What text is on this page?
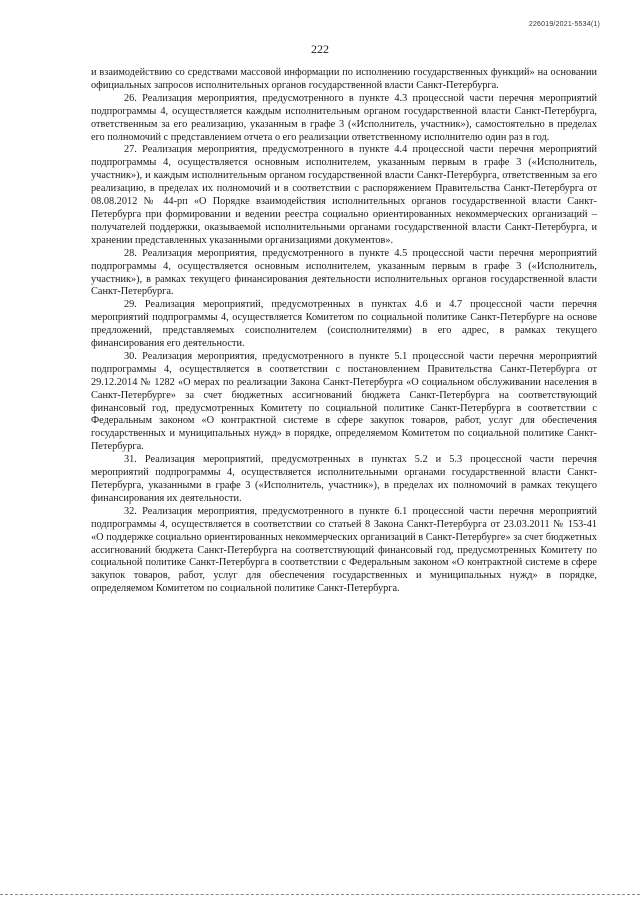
226019/2021-5534(1)
222

и взаимодействию со средствами массовой информации по исполнению государственных функций» на основании официальных запросов исполнительных органов государственной власти Санкт-Петербурга.

26. Реализация мероприятия, предусмотренного в пункте 4.3 процессной части перечня мероприятий подпрограммы 4, осуществляется каждым исполнительным органом государственной власти Санкт-Петербурга, ответственным за его реализацию, указанным в графе 3 («Исполнитель, участник»), самостоятельно в пределах его полномочий с представлением отчета о его реализации ответственному исполнителю один раз в год.

27. Реализация мероприятия, предусмотренного в пункте 4.4 процессной части перечня мероприятий подпрограммы 4, осуществляется основным исполнителем, указанным первым в графе 3 («Исполнитель, участник»), и каждым исполнительным органом государственной власти Санкт-Петербурга, ответственным за его реализацию, в пределах их полномочий и в соответствии с распоряжением Правительства Санкт-Петербурга от 08.08.2012 № 44-рп «О Порядке взаимодействия исполнительных органов государственной власти Санкт-Петербурга при формировании и ведении реестра социально ориентированных некоммерческих организаций – получателей поддержки, оказываемой исполнительными органами государственной власти Санкт-Петербурга, и хранении представленных указанными организациями документов».

28. Реализация мероприятия, предусмотренного в пункте 4.5 процессной части перечня мероприятий подпрограммы 4, осуществляется основным исполнителем, указанным первым в графе 3 («Исполнитель, участник»), в рамках текущего финансирования деятельности исполнительных органов государственной власти Санкт-Петербурга.

29. Реализация мероприятий, предусмотренных в пунктах 4.6 и 4.7 процессной части перечня мероприятий подпрограммы 4, осуществляется Комитетом по социальной политике Санкт-Петербурге на основе предложений, представляемых соисполнителем (соисполнителями) в его адрес, в рамках текущего финансирования его деятельности.

30. Реализация мероприятия, предусмотренного в пункте 5.1 процессной части перечня мероприятий подпрограммы 4, осуществляется в соответствии с постановлением Правительства Санкт-Петербурга от 29.12.2014 № 1282 «О мерах по реализации Закона Санкт-Петербурга «О социальном обслуживании населения в Санкт-Петербурге» за счет бюджетных ассигнований бюджета Санкт-Петербурга на соответствующий финансовый год, предусмотренных Комитету по социальной политике Санкт-Петербурга в соответствии с Федеральным законом «О контрактной системе в сфере закупок товаров, работ, услуг для обеспечения государственных и муниципальных нужд» в порядке, определяемом Комитетом по социальной политике Санкт-Петербурга.

31. Реализация мероприятий, предусмотренных в пунктах 5.2 и 5.3 процессной части перечня мероприятий подпрограммы 4, осуществляется исполнительными органами государственной власти Санкт-Петербурга, указанными в графе 3 («Исполнитель, участник»), в пределах их полномочий в рамках текущего финансирования их деятельности.

32. Реализация мероприятия, предусмотренного в пункте 6.1 процессной части перечня мероприятий подпрограммы 4, осуществляется в соответствии со статьей 8 Закона Санкт-Петербурга от 23.03.2011 № 153-41 «О поддержке социально ориентированных некоммерческих организаций в Санкт-Петербурге» за счет бюджетных ассигнований бюджета Санкт-Петербурга на соответствующий финансовый год, предусмотренных Комитету по социальной политике Санкт-Петербурга в соответствии с Федеральным законом «О контрактной системе в сфере закупок товаров, работ, услуг для обеспечения государственных и муниципальных нужд» в порядке, определяемом Комитетом по социальной политике Санкт-Петербурга.
